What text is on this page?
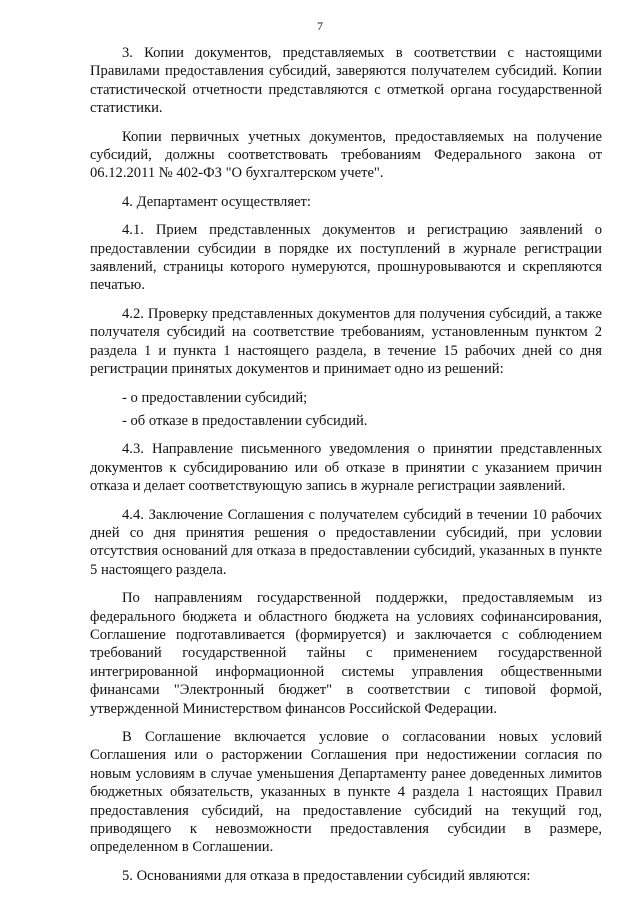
7

3. Копии документов, представляемых в соответствии с настоящими Правилами предоставления субсидий, заверяются получателем субсидий. Копии статистической отчетности представляются с отметкой органа государственной статистики.

Копии первичных учетных документов, предоставляемых на получение субсидий, должны соответствовать требованиям Федерального закона от 06.12.2011 № 402-ФЗ "О бухгалтерском учете".

4. Департамент осуществляет:

4.1. Прием представленных документов и регистрацию заявлений о предоставлении субсидии в порядке их поступлений в журнале регистрации заявлений, страницы которого нумеруются, прошнуровываются и скрепляются печатью.

4.2. Проверку представленных документов для получения субсидий, а также получателя субсидий на соответствие требованиям, установленным пунктом 2 раздела 1 и пункта 1 настоящего раздела, в течение 15 рабочих дней со дня регистрации принятых документов и принимает одно из решений:

- о предоставлении субсидий;

- об отказе в предоставлении субсидий.

4.3. Направление письменного уведомления о принятии представленных документов к субсидированию или об отказе в принятии с указанием причин отказа и делает соответствующую запись в журнале регистрации заявлений.

4.4. Заключение Соглашения с получателем субсидий в течении 10 рабочих дней со дня принятия решения о предоставлении субсидий, при условии отсутствия оснований для отказа в предоставлении субсидий, указанных в пункте 5 настоящего раздела.

По направлениям государственной поддержки, предоставляемым из федерального бюджета и областного бюджета на условиях софинансирования, Соглашение подготавливается (формируется) и заключается с соблюдением требований государственной тайны с применением государственной интегрированной информационной системы управления общественными финансами "Электронный бюджет" в соответствии с типовой формой, утвержденной Министерством финансов Российской Федерации.

В Соглашение включается условие о согласовании новых условий Соглашения или о расторжении Соглашения при недостижении согласия по новым условиям в случае уменьшения Департаменту ранее доведенных лимитов бюджетных обязательств, указанных в пункте 4 раздела 1 настоящих Правил предоставления субсидий, на предоставление субсидий на текущий год, приводящего к невозможности предоставления субсидии в размере, определенном в Соглашении.

5. Основаниями для отказа в предоставлении субсидий являются:
